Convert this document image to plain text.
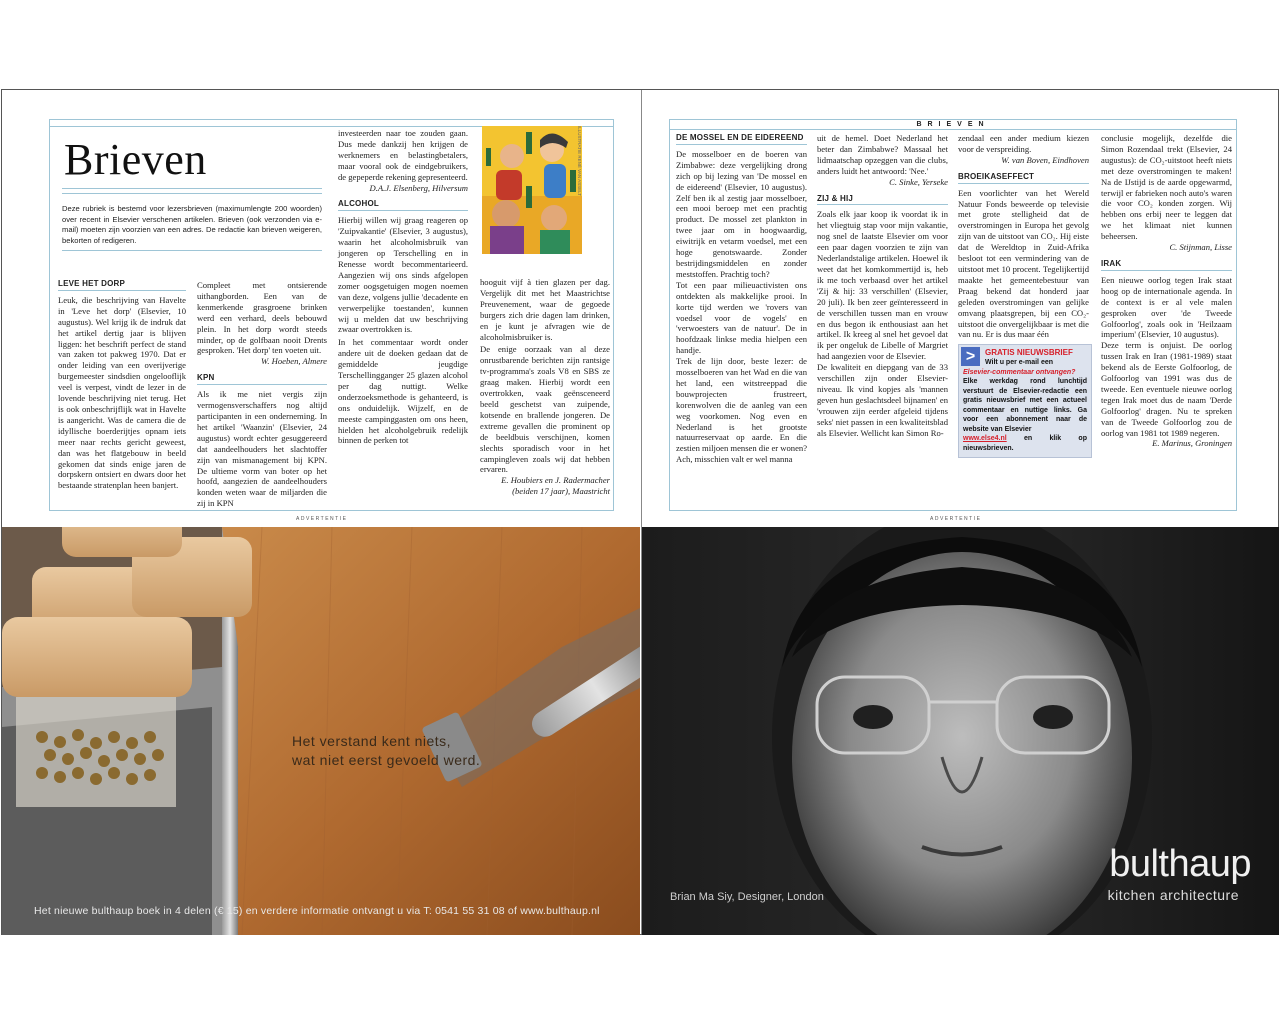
Brieven
Deze rubriek is bestemd voor lezersbrieven (maximumlengte 200 woorden) over recent in Elsevier verschenen artikelen. Brieven (ook verzonden via e-mail) moeten zijn voorzien van een adres. De redactie kan brieven weigeren, bekorten of redigeren.
LEVE HET DORP

Leuk, die beschrijving van Havelte in 'Leve het dorp' (Elsevier, 10 augustus). Wel krijg ik de indruk dat het artikel dertig jaar is blijven liggen: het beschrift perfect de stand van zaken tot pakweg 1970. Dat er onder leiding van een overijverige burgemeester sindsdien ongelooflijk veel is verpest, vindt de lezer in de lovende beschrijving niet terug. Het is ook onbeschrijflijk wat in Havelte is aangericht. Was de camera die de idyllische boerderijtjes opnam iets meer naar rechts gericht geweest, dan was het flatgebouw in beeld gekomen dat sinds enige jaren de dorpskern ontsiert en dwars door het bestaande stratenplan heen banjert.

Compleet met ontsierende uithangborden. Een van de kenmerkende grasgroene brinken werd een verhard, deels bebouwd plein. In het dorp wordt steeds minder, op de golfbaan nooit Drents gesproken. 'Het dorp' ten voeten uit.

W. Hoeben, Almere
KPN

Als ik me niet vergis zijn vermogensverschaffers nog altijd participanten in een onderneming. In het artikel 'Waanzin' (Elsevier, 24 augustus) wordt echter gesuggereerd dat aandeelhouders het slachtoffer zijn van mismanagement bij KPN. De ultieme vorm van boter op het hoofd, aangezien de aandeelhouders konden weten waar de miljarden die zij in KPN

investeerden naar toe zouden gaan. Dus mede dankzij hen krijgen de werknemers en belastingbetalers, maar vooral ook de eindgebruikers, de gepeperde rekening gepresenteerd.

D.A.J. Elsenberg, Hilversum
ALCOHOL

Hierbij willen wij graag reageren op 'Zuipvakantie' (Elsevier, 3 augustus), waarin het alcoholmisbruik van jongeren op Terschelling en in Renesse wordt becommentarieerd. Aangezien wij ons sinds afgelopen zomer oogsgetuigen mogen noemen van deze, volgens jullie 'decadente en verwerpelijke toestanden', kunnen wij u melden dat uw beschrijving zwaar overtrokken is.

In het commentaar wordt onder andere uit de doeken gedaan dat de gemiddelde jeugdige Terschellingganger 25 glazen alcohol per dag nuttigt. Welke onderzoeksmethode is gehanteerd, is ons onduidelijk. Wijzelf, en de meeste campinggasten om ons heen, hielden het alcoholgebruik redelijk binnen de perken tot

hooguit vijf à tien glazen per dag. Vergelijk dit met het Maastrichtse Preuvenement, waar de gegoede burgers zich drie dagen lam drinken, en je kunt je afvragen wie de alcoholmisbruiker is.

De enige oorzaak van al deze onrustbarende berichten zijn rantsige tv-programma's zoals V8 en SBS ze graag maken. Hierbij wordt een overtrokken, vaak geënsceneerd beeld geschetst van zuipende, kotsende en brallende jongeren. De extreme gevallen die prominent op de beeldbuis verschijnen, komen slechts sporadisch voor in het campingleven zoals wij dat hebben ervaren.

E. Houbiers en J. Radermacher
(beiden 17 jaar), Maastricht
ILLUSTRATIE RENÉ VAN ASSELT
ADVERTENTIE
BRIEVEN
DE MOSSEL EN DE EIDEREEND

De mosselboer en de boeren van Zimbabwe: deze vergelijking drong zich op bij lezing van 'De mossel en de eidereend' (Elsevier, 10 augustus). Zelf ben ik al zestig jaar mosselboer, een mooi beroep met een prachtig product. De mossel zet plankton in twee jaar om in hoogwaardig, eiwitrijk en vetarm voedsel, met een hoge genotswaarde. Zonder bestrijdingsmiddelen en zonder meststoffen. Prachtig toch?

Tot een paar milieuactivisten ons ontdekten als makkelijke prooi. In korte tijd werden we 'rovers van voedsel voor de vogels' en 'verwoesters van de natuur'. De in hoofdzaak linkse media hielpen een handje.

Trek de lijn door, beste lezer: de mosselboeren van het Wad en die van het land, een witstreeppad die bouwprojecten frustreert, korenwolven die de aanleg van een weg voorkomen. Nog even en Nederland is het grootste natuurreservaat op aarde. En die zestien miljoen mensen die er wonen? Ach, misschien valt er wel manna

uit de hemel. Doet Nederland het beter dan Zimbabwe? Massaal het lidmaatschap opzeggen van die clubs, anders luidt het antwoord: 'Nee.'

C. Sinke, Yerseke
ZIJ & HIJ

Zoals elk jaar koop ik voordat ik in het vliegtuig stap voor mijn vakantie, nog snel de laatste Elsevier om voor een paar dagen voorzien te zijn van Nederlandstalige artikelen. Hoewel ik weet dat het komkommertijd is, heb ik me toch verbaasd over het artikel 'Zij & hij: 33 verschillen' (Elsevier, 20 juli). Ik ben zeer geïnteresseerd in de verschillen tussen man en vrouw en dus begon ik enthousiast aan het artikel. Ik kreeg al snel het gevoel dat ik per ongeluk de Libelle of Margriet had aangezien voor de Elsevier.

De kwaliteit en diepgang van de 33 verschillen zijn onder Elsevier-niveau. Ik vind kopjes als 'mannen geven hun geslachtsdeel bijnamen' en 'vrouwen zijn eerder afgeleid tijdens seks' niet passen in een kwaliteitsblad als Elsevier. Wellicht kan Simon Ro-

zendaal een ander medium kiezen voor de verspreiding.

W. van Boven, Eindhoven
BROEIKASEFFECT

Een voorlichter van het Wereld Natuur Fonds beweerde op televisie met grote stelligheid dat de overstromingen in Europa het gevolg zijn van de uitstoot van CO₂. Hij eiste dat de Wereldtop in Zuid-Afrika besloot tot een vermindering van de uitstoot met 10 procent. Tegelijkertijd maakte het gemeentebestuur van Praag bekend dat honderd jaar geleden overstromingen van gelijke omvang plaatsgrepen, bij een CO₂-uitstoot die onvergelijkbaar is met die van nu. Er is dus maar één

>	GRATIS NIEUWSBRIEF
Wilt u per e-mail een
Elsevier-commentaar ontvangen?
Elke werkdag rond lunchtijd verstuurt de Elsevier-redactie een gratis nieuwsbrief met een actueel commentaar en nuttige links. Ga voor een abonnement naar de website van Elsevier
www.else4.nl en klik op nieuwsbrieven.

conclusie mogelijk, dezelfde die Simon Rozendaal trekt (Elsevier, 24 augustus): de CO₂-uitstoot heeft niets met deze overstromingen te maken! Na de IJstijd is de aarde opgewarmd, terwijl er fabrieken noch auto's waren die voor CO₂ konden zorgen. Wij hebben ons erbij neer te leggen dat we het klimaat niet kunnen beheersen.

C. Stijnman, Lisse
IRAK

Een nieuwe oorlog tegen Irak staat hoog op de internationale agenda. In de context is er al vele malen gesproken over 'de Tweede Golfoorlog', zoals ook in 'Heilzaam imperium' (Elsevier, 10 augustus).

Deze term is onjuist. De oorlog tussen Irak en Iran (1981-1989) staat bekend als de Eerste Golfoorlog, de Golfoorlog van 1991 was dus de tweede. Een eventuele nieuwe oorlog tegen Irak moet dus de naam 'Derde Golfoorlog' dragen. Nu te spreken van de Tweede Golfoorlog zou de oorlog van 1981 tot 1989 negeren.

E. Marinus, Groningen
ADVERTENTIE
Het verstand kent niets,
wat niet eerst gevoeld werd.
Het nieuwe bulthaup boek in 4 delen (€ 15) en verdere informatie ontvangt u via T: 0541 55 31 08 of www.bulthaup.nl
Brian Ma Siy, Designer, London
bulthaup
kitchen architecture
